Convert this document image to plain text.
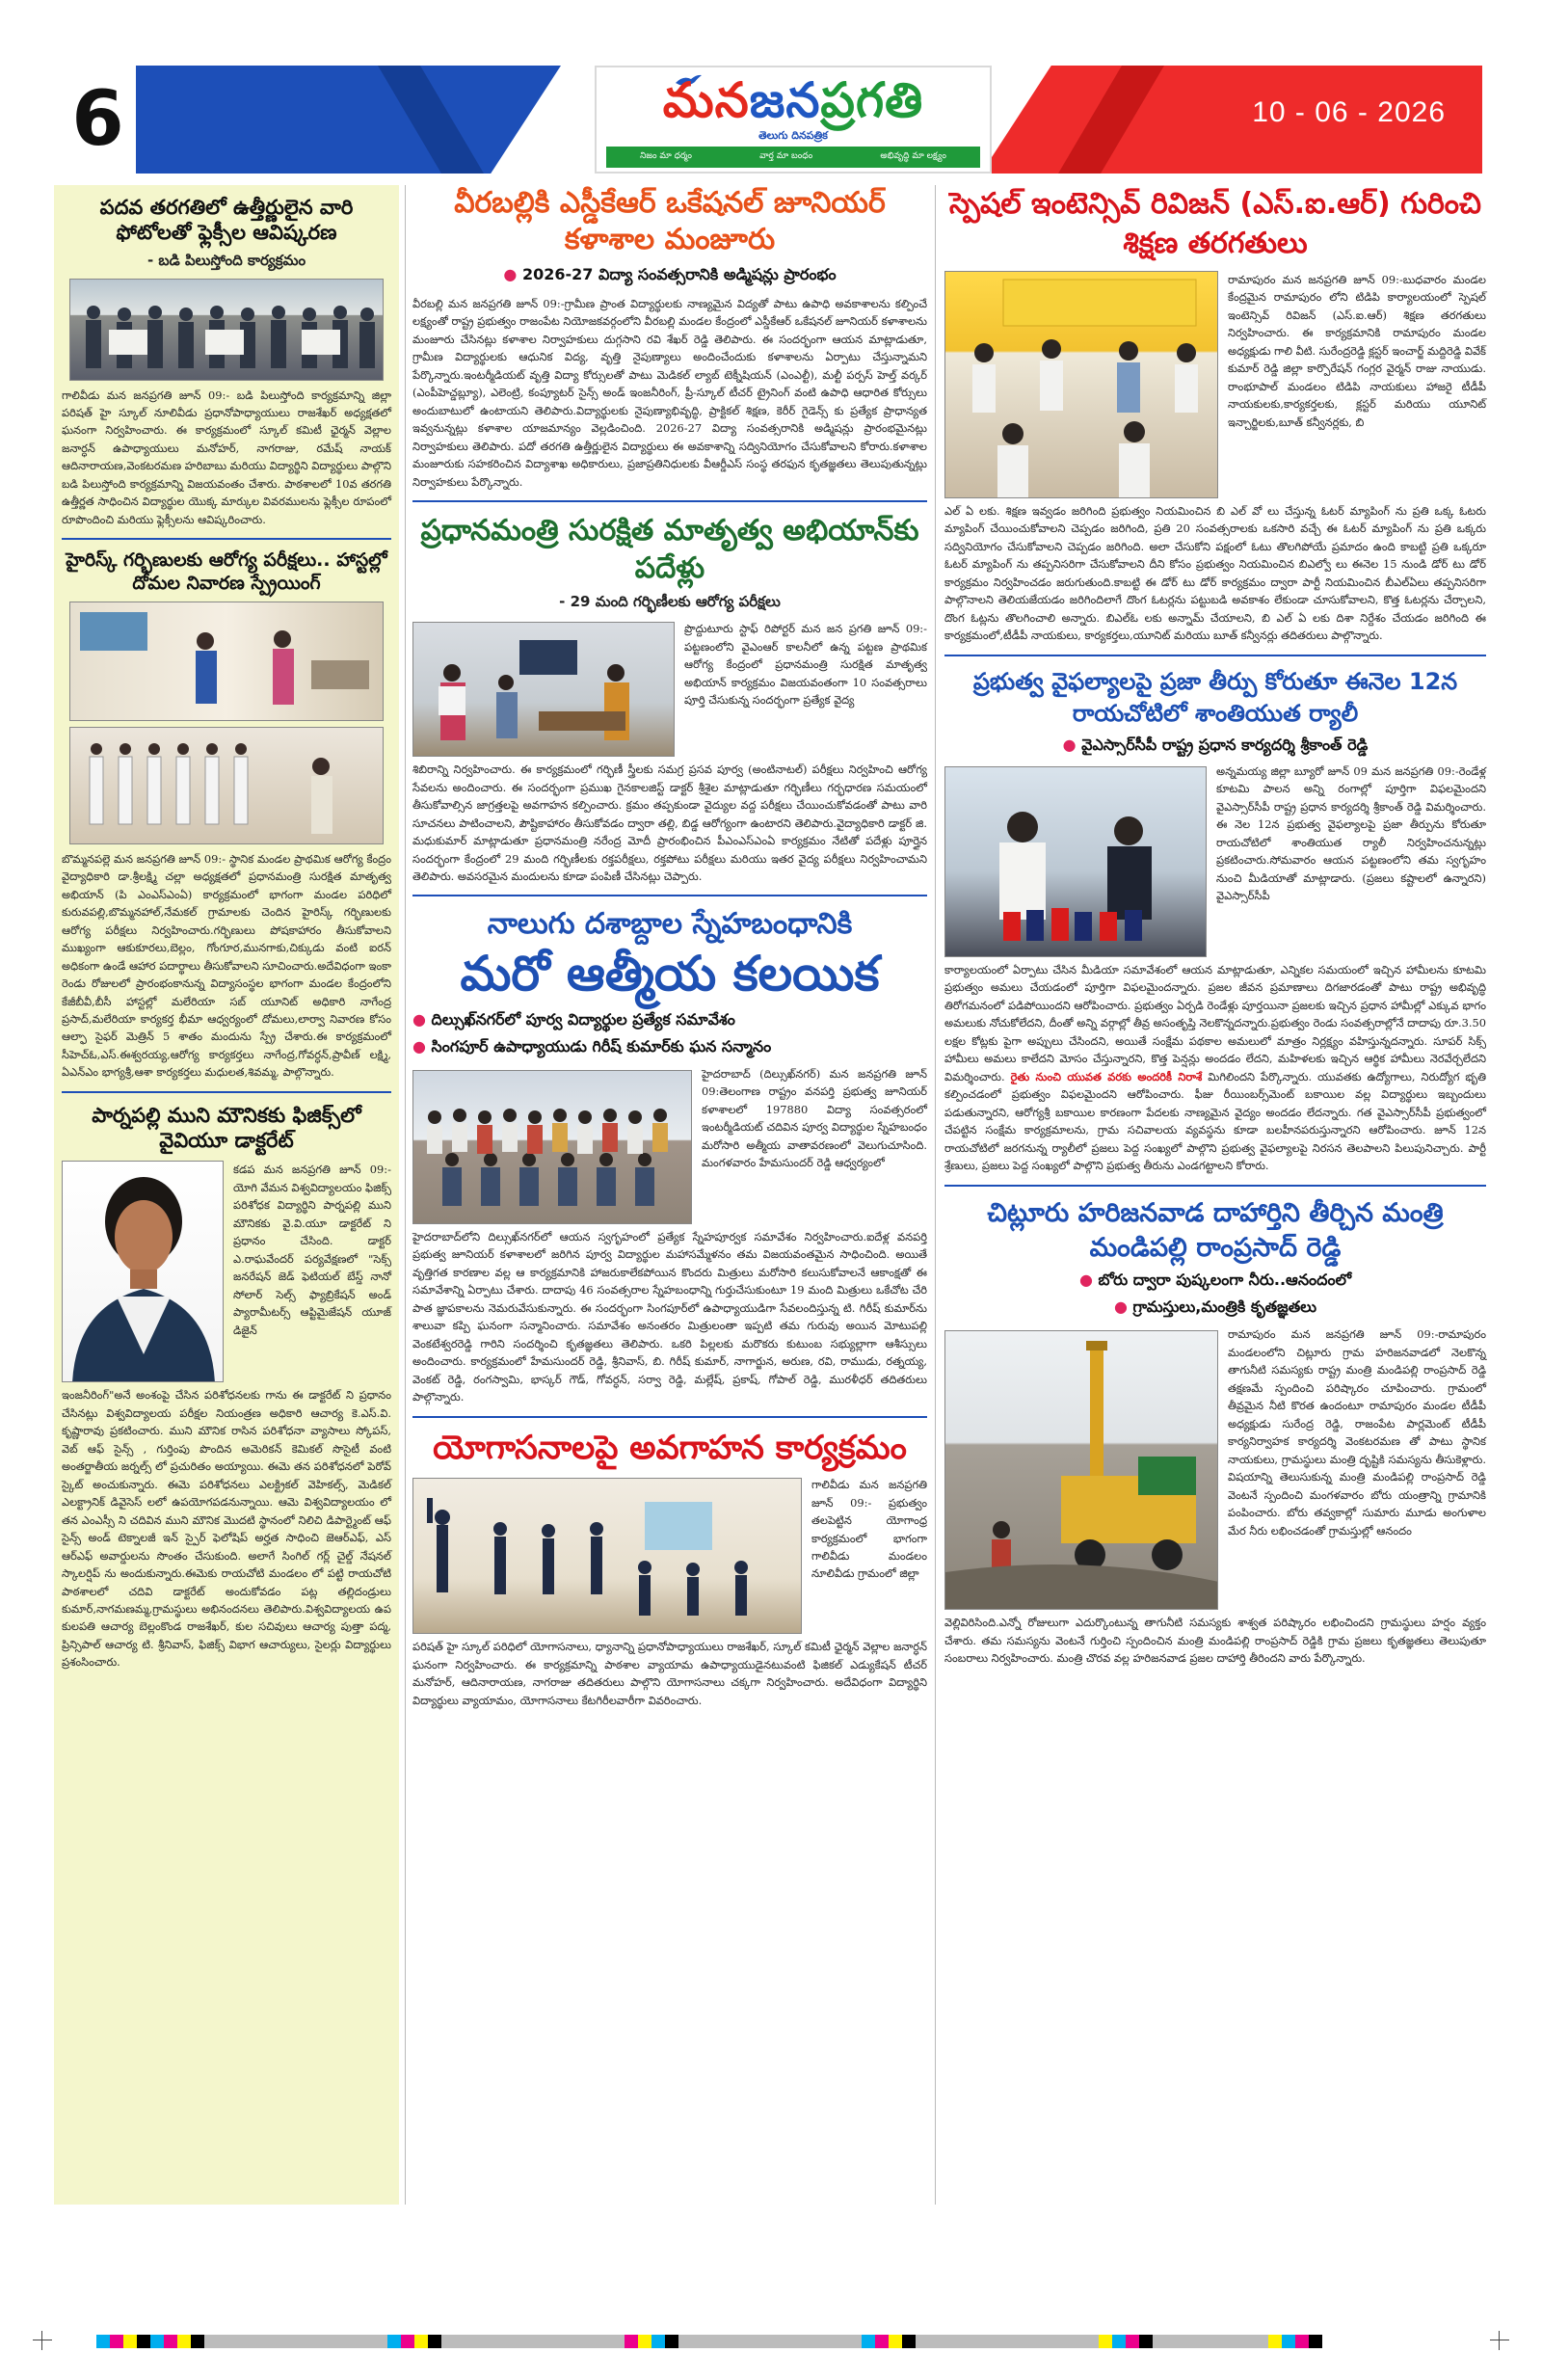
6	మనజనప్రగతి
తెలుగు దినపత్రిక
నిజం మా ధర్మం	వార్త మా బంధం	అభివృద్ధి మా లక్ష్యం
10 - 06 - 2026
పదవ తరగతిలో ఉత్తీర్ణులైన వారి ఫోటోలతో ఫ్లెక్సీల ఆవిష్కరణ
- బడి పిలుస్తోంది కార్యక్రమం
గాలివీడు మన జనప్రగతి జూన్ 09:- బడి పిలుస్తోంది కార్యక్రమాన్ని జిల్లా పరిషత్ హై స్కూల్ నూలివీడు ప్రధానోపాధ్యాయులు రాజశేఖర్ అధ్యక్షతలో ఘనంగా నిర్వహించారు. ఈ కార్యక్రమంలో స్కూల్ కమిటీ ఛైర్మన్ వెల్లాల జనార్ధన్ ఉపాధ్యాయులు మనోహర్, నాగరాజు, రమేష్ నాయక్ ఆదినారాయణ,వెంకటరమణ హరిబాబు మరియు విద్యార్థిని విద్యార్థులు పాల్గొని బడి పిలుస్తోంది కార్యక్రమాన్ని విజయవంతం చేశారు. పాఠశాలలో 10వ తరగతి ఉత్తీర్ణత సాధించిన విద్యార్థుల యొక్క మార్కుల వివరములను ఫ్లెక్సీల రూపంలో రూపొందించి మరియు ఫ్లెక్సీలను ఆవిష్కరించారు.
హైరిస్క్ గర్భిణులకు ఆరోగ్య పరీక్షలు.. హాస్టల్లో దోమల నివారణ స్ప్రేయింగ్
బొమ్మనపల్లె మన జనప్రగతి జూన్ 09:- స్థానిక మండల ప్రాథమిక ఆరోగ్య కేంద్రం వైద్యాధికారి డా.శ్రీలక్ష్మి చల్లా అధ్యక్షతలో ప్రధానమంత్రి సురక్షిత మాతృత్వ అభియాన్ (పి ఎంఎస్ఎంఏ) కార్యక్రమంలో భాగంగా మండల పరిధిలో కురువపల్లి,బొమ్మనహాల్,నేమకల్ గ్రామాలకు చెందిన హైరిస్క్ గర్భిణులకు ఆరోగ్య పరీక్షలు నిర్వహించారు.గర్భిణులు పోషకాహారం తీసుకోవాలని ముఖ్యంగా ఆకుకూరలు,బెల్లం, గోంగూర,మునగాకు,చిక్కుడు వంటి ఐరన్ అధికంగా ఉండే ఆహార పదార్థాలు తీసుకోవాలని సూచించారు.అదేవిధంగా ఇంకా రెండు రోజులలో ప్రారంభంకానున్న విద్యాసంస్థల భాగంగా మండల కేంద్రంలోని కేజీబీవీ,బీసీ హాస్టల్లో మలేరియా సబ్ యూనిట్ అధికారి నాగేంద్ర ప్రసాద్,మలేరియా కార్యకర్త భీమా ఆధ్వర్యంలో దోమలు,లార్వా నివారణ కోసం ఆల్ఫా సైఫర్ మెత్రిన్ 5 శాతం మందును స్ప్రే చేశారు.ఈ కార్యక్రమంలో సీహెచ్ఓ,ఎస్.ఈశ్వరయ్య,ఆరోగ్య కార్యకర్తలు నాగేంద్ర,గోవర్ధన్,ప్రావీణ్ లక్ష్మి, ఏఎన్ఎం భాగ్యశ్రీ,ఆశా కార్యకర్తలు మధులత,శివమ్మ, పాల్గొన్నారు.
పార్నపల్లి ముని మౌనికకు ఫిజిక్స్‌లో వైవియూ డాక్టరేట్
కడప మన జనప్రగతి జూన్ 09:-యోగి వేమన విశ్వవిద్యాలయం ఫిజిక్స్ పరిశోధక విద్యార్థిని పార్నపల్లి ముని మౌనికకు వై.వి.యూ డాక్టరేట్ ని ప్రధానం చేసింది. డాక్టర్ ఎ.రాఘవేందర్ పర్యవేక్షణలో "సెక్స్ జనరేషన్ జెడ్ ఫెటియల్ బేస్డ్ నానో సోలార్ సెల్స్ ఫ్యాబ్రికేషన్ అండ్ ప్యారామీటర్స్ ఆప్టిమైజేషన్ యూజ్ డిజైన్
ఇంజనీరింగ్"అనే అంశంపై చేసిన పరిశోధనలకు గాను ఈ డాక్టరేట్ ని ప్రధానం చేసినట్లు విశ్వవిద్యాలయ పరీక్షల నియంత్రణ అధికారి ఆచార్య కె.ఎస్.వి. కృష్ణారావు ప్రకటించారు. ముని మౌనిక రాసిన పరిశోధనా వ్యాసాలు స్కోపస్, వెబ్ ఆఫ్ సైన్స్ , గుర్తింపు పొందిన అమెరికన్ కెమికల్ సొసైటీ వంటి అంతర్జాతీయ జర్నల్స్ లో ప్రచురితం అయ్యాయి. ఈమె తన పరిశోధనలో పెరోవ్ స్కైట్ అంచుకున్నారు. ఈమె పరిశోధనలు ఎలక్ట్రికల్ వెహికల్స్, మెడికల్ ఎలక్ట్రానిక్ డివైసెస్ లలో ఉపయోగపడనున్నాయి. ఆమె విశ్వవిద్యాలయం లో తన ఎంఎస్సీ ని చదివిన ముని మౌనిక మొదటి స్థానంలో నిలిచి డిపార్ట్మెంట్ ఆఫ్ సైన్స్ అండ్ టెక్నాలజీ ఇన్ స్పైర్ ఫెలోషిప్ అర్హత సాధించి జెఆర్ఎఫ్, ఎస్ ఆర్ఎఫ్ అవార్డులను సొంతం చేసుకుంది. అలాగే సింగిల్ గర్ల్ చైల్డ్ నేషనల్ స్కాలర్షిప్ ను అందుకున్నారు.ఈమెకు రాయచోటి మండలం లో పట్టి రాయచోటి పాఠశాలలో చదివి డాక్టరేట్ అందుకోవడం పట్ల తల్లిదండ్రులు కుమార్,నాగమణమ్మ,గ్రామస్థులు అభినందనలు తెలిపారు.విశ్వవిద్యాలయ ఉప కులపతి ఆచార్య బెల్లంకొండ రాజశేఖర్, కుల సచివులు ఆచార్య పుత్తా పద్మ, ప్రిన్సిపాల్ ఆచార్య టి. శ్రీనివాస్, ఫిజిక్స్ విభాగ ఆచార్యులు, సైలర్లు విద్యార్థులు ప్రశంసించారు.
వీరబల్లికి ఎస్డీకేఆర్ ఒకేషనల్ జూనియర్ కళాశాల మంజూరు
● 2026-27 విద్యా సంవత్సరానికి అడ్మిషన్లు ప్రారంభం
వీరబల్లి మన జనప్రగతి జూన్ 09:-గ్రామీణ ప్రాంత విద్యార్థులకు నాణ్యమైన విద్యతో పాటు ఉపాధి అవకాశాలను కల్పించే లక్ష్యంతో రాష్ట్ర ప్రభుత్వం రాజంపేట నియోజకవర్గంలోని వీరబల్లి మండల కేంద్రంలో ఎస్డీకేఆర్ ఒకేషనల్ జూనియర్ కళాశాలను మంజూరు చేసినట్లు కళాశాల నిర్వాహకులు దుగ్గసాని రవి శేఖర్ రెడ్డి తెలిపారు. ఈ సందర్భంగా ఆయన మాట్లాడుతూ, గ్రామీణ విద్యార్థులకు ఆధునిక విద్య, వృత్తి నైపుణ్యాలు అందించేందుకు కళాశాలను ఏర్పాటు చేస్తున్నామని పేర్కొన్నారు.ఇంటర్మీడియట్ వృత్తి విద్యా కోర్సులతో పాటు మెడికల్ ల్యాబ్ టెక్నీషియన్ (ఎంఎల్టీ), మల్టీ పర్పస్ హెల్త్ వర్కర్ (ఎంపీహెచ్డబ్ల్యూ), ఎలెంట్రి, కంప్యూటర్ సైన్స్ అండ్ ఇంజనీరింగ్, ప్రీ-స్కూల్ టీచర్ ట్రైనింగ్ వంటి ఉపాధి ఆధారిత కోర్సులు అందుబాటులో ఉంటాయని తెలిపారు.విద్యార్థులకు నైపుణ్యాభివృద్ధి, ప్రాక్టికల్ శిక్షణ, కెరీర్ గైడెన్స్ కు ప్రత్యేక ప్రాధాన్యత ఇవ్వనున్నట్లు కళాశాల యాజమాన్యం వెల్లడించింది. 2026-27 విద్యా సంవత్సరానికి అడ్మిషన్లు ప్రారంభమైనట్లు నిర్వాహకులు తెలిపారు. పదో తరగతి ఉత్తీర్ణులైన విద్యార్థులు ఈ అవకాశాన్ని సద్వినియోగం చేసుకోవాలని కోరారు.కళాశాల మంజూరుకు సహకరించిన విద్యాశాఖ అధికారులు, ప్రజాప్రతినిధులకు వీఆర్డీఎస్ సంస్థ తరఫున కృతజ్ఞతలు తెలుపుతున్నట్లు నిర్వాహకులు పేర్కొన్నారు.
ప్రధానమంత్రి సురక్షిత మాతృత్వ అభియాన్‌కు పదేళ్లు
- 29 మంది గర్భిణీలకు ఆరోగ్య పరీక్షలు
ప్రొద్దుటూరు స్టాఫ్ రిపోర్టర్ మన జన ప్రగతి జూన్ 09:-పట్టణంలోని వైఎంఆర్ కాలనీలో ఉన్న పట్టణ ప్రాథమిక ఆరోగ్య కేంద్రంలో ప్రధానమంత్రి సురక్షిత మాతృత్వ అభియాన్ కార్యక్రమం విజయవంతంగా 10 సంవత్సరాలు పూర్తి చేసుకున్న సందర్భంగా ప్రత్యేక వైద్య
శిబిరాన్ని నిర్వహించారు. ఈ కార్యక్రమంలో గర్భిణీ స్త్రీలకు సమగ్ర ప్రసవ పూర్వ (అంటినాటల్) పరీక్షలు నిర్వహించి ఆరోగ్య సేవలను అందించారు. ఈ సందర్భంగా ప్రముఖ గైనకాలజిస్ట్ డాక్టర్ శ్రీశైల మాట్లాడుతూ గర్భిణీలు గర్భధారణ సమయంలో తీసుకోవాల్సిన జాగ్రత్తలపై అవగాహన కల్పించారు. క్రమం తప్పకుండా వైద్యుల వద్ద పరీక్షలు చేయించుకోవడంతో పాటు వారి సూచనలు పాటించాలని, పౌష్టికాహారం తీసుకోవడం ద్వారా తల్లి, బిడ్డ ఆరోగ్యంగా ఉంటారని తెలిపారు.వైద్యాధికారి డాక్టర్ జి. మధుకుమార్ మాట్లాడుతూ ప్రధానమంత్రి నరేంద్ర మోదీ ప్రారంభించిన పీఎంఎస్ఎంఏ కార్యక్రమం నేటితో పదేళ్లు పూర్తైన సందర్భంగా కేంద్రంలో 29 మంది గర్భిణీలకు రక్తపరీక్షలు, రక్తపోటు పరీక్షలు మరియు ఇతర వైద్య పరీక్షలు నిర్వహించామని తెలిపారు. అవసరమైన మందులను కూడా పంపిణీ చేసినట్లు చెప్పారు.
నాలుగు దశాబ్దాల స్నేహబంధానికి
మరో ఆత్మీయ కలయిక
● దిల్సుఖ్‌నగర్‌లో పూర్వ విద్యార్థుల ప్రత్యేక సమావేశం
● సింగపూర్ ఉపాధ్యాయుడు గిరీష్ కుమార్‌కు ఘన సన్మానం
హైదరాబాద్ (దిల్సుఖ్‌నగర్) మన జనప్రగతి జూన్ 09:తెలంగాణ రాష్ట్రం వనపర్తి ప్రభుత్వ జూనియర్ కళాశాలలో 197880 విద్యా సంవత్సరంలో ఇంటర్మీడియట్ చదివిన పూర్వ విద్యార్థుల స్నేహబంధం మరోసారి అత్మీయ వాతావరణంలో వెలుగుచూసింది. మంగళవారం హేమసుందర్ రెడ్డి ఆధ్వర్యంలో
హైదరాబాద్‌లోని దిల్సుఖ్‌నగర్‌లో ఆయన స్వగృహంలో ప్రత్యేక స్నేహపూర్వక సమావేశం నిర్వహించారు.ఐదేళ్ల వనపర్తి ప్రభుత్వ జూనియర్ కళాశాలలో జరిగిన పూర్వ విద్యార్థుల మహాసమ్మేళనం తమ విజయవంతమైన సాధించింది. అయితే వృత్తిగత కారణాల వల్ల ఆ కార్యక్రమానికి హాజరుకాలేకపోయిన కొందరు మిత్రులు మరోసారి కలుసుకోవాలనే ఆకాంక్షతో ఈ సమావేశాన్ని ఏర్పాటు చేశారు. దాదాపు 46 సంవత్సరాల స్నేహబంధాన్ని గుర్తుచేసుకుంటూ 19 మంది మిత్రులు ఒకేచోట చేరి పాత జ్ఞాపకాలను నెమరువేసుకున్నారు. ఈ సందర్భంగా సింగపూర్‌లో ఉపాధ్యాయుడిగా సేవలందిస్తున్న టి. గిరీష్ కుమార్‌ను శాలువా కప్పి ఘనంగా సన్మానించారు. సమావేశం అనంతరం మిత్రులంతా ఇప్పటి తమ గురువు అయిన మోటుపల్లి వెంకటేశ్వరరెడ్డి గారిని సందర్శించి కృతజ్ఞతలు తెలిపారు. ఒకరి పిల్లలకు మరొకరు కుటుంబ సభ్యుల్లాగా ఆశీస్సులు అందించారు. కార్యక్రమంలో హేమసుందర్ రెడ్డి, శ్రీనివాస్, బి. గిరీష్ కుమార్, నాగార్జున, అరుణ, రవి, రాముడు, రత్నయ్య, వెంకట్ రెడ్డి, రంగస్వామి, భాస్కర్ గౌడ్, గోవర్ధన్, సర్వా రెడ్డి, మల్లేష్, ప్రకాష్, గోపాల్ రెడ్డి, మురళీధర్ తదితరులు పాల్గొన్నారు.
యోగాసనాలపై అవగాహన కార్యక్రమం
గాలివీడు మన జనప్రగతి జూన్ 09:- ప్రభుత్వం తలపెట్టిన యోగాంధ్ర కార్యక్రమంలో భాగంగా గాలివీడు మండలం నూలివీడు గ్రామంలో జిల్లా
పరిషత్ హై స్కూల్ పరిధిలో యోగాసనాలు, ధ్యానాన్ని ప్రధానోపాధ్యాయులు రాజశేఖర్, స్కూల్ కమిటీ ఛైర్మన్ వెల్లాల జనార్ధన్ ఘనంగా నిర్వహించారు. ఈ కార్యక్రమాన్ని పాఠశాల వ్యాయామ ఉపాధ్యాయుడైనటువంటి ఫిజికల్ ఎడ్యుకేషన్ టీచర్ మనోహర్, ఆదినారాయణ, నాగరాజు తదితరులు పాల్గొని యోగాసనాలు చక్కగా నిర్వహించారు. అదేవిధంగా విద్యార్థిని విద్యార్థులు వ్యాయామం, యోగాసనాలు కేటగిరీలవారీగా వివరించారు.
స్పెషల్ ఇంటెన్సివ్ రివిజన్ (ఎస్.ఐ.ఆర్) గురించి శిక్షణ తరగతులు
రామాపురం మన జనప్రగతి జూన్ 09:-బుధవారం మండల కేంద్రమైన రామాపురం లోని టిడిపి కార్యాలయంలో స్పెషల్ ఇంటెన్సివ్ రివిజన్ (ఎస్.ఐ.ఆర్) శిక్షణ తరగతులు నిర్వహించారు. ఈ కార్యక్రమానికి రామాపురం మండల అధ్యక్షుడు గాలి వీటి. సురేంద్రరెడ్డి క్లస్టర్ ఇంచార్జ్ మద్దిరెడ్డి వివేక్ కుమార్ రెడ్డి జిల్లా కార్పొరేషన్ గంగ్లర వైర్మన్ రాజు నాయుడు. రాంభూపాల్ మండలం టిడిపి నాయకులు హాజరై టీడీపీ నాయకులకు,కార్యకర్తలకు, క్లస్టర్ మరియు యూనిట్ ఇన్చార్జిలకు,బూత్ కన్వీనర్లకు, బి
ఎల్ ఏ లకు. శిక్షణ ఇవ్వడం జరిగింది ప్రభుత్వం నియమించిన బి ఎల్ వో లు చేస్తున్న ఓటర్ మ్యాపింగ్ ను ప్రతి ఒక్క ఓటరు మ్యాపింగ్ చేయించుకోవాలని చెప్పడం జరిగింది, ప్రతి 20 సంవత్సరాలకు ఒకసారి వచ్చే ఈ ఓటర్ మ్యాపింగ్ ను ప్రతి ఒక్కరు సద్వినియోగం చేసుకోవాలని చెప్పడం జరిగింది. అలా చేసుకోని పక్షంలో ఓటు తొలగిపోయే ప్రమాదం ఉంది కాబట్టి ప్రతి ఒక్కరూ ఓటర్ మ్యాపింగ్ ను తప్పనిసరిగా చేసుకోవాలని దీని కోసం ప్రభుత్వం నియమించిన బిఎల్వో లు ఈనెల 15 నుండి డోర్ టు డోర్ కార్యక్రమం నిర్వహించడం జరుగుతుంది.కాబట్టి ఈ డోర్ టు డోర్ కార్యక్రమం ద్వారా పార్టీ నియమించిన బీఎల్ఏలు తప్పనిసరిగా పాల్గొనాలని తెలియజేయడం జరిగిందిలాగే దొంగ ఓటర్లను పట్టుబడి అవకాశం లేకుండా చూసుకోవాలని, కొత్త ఓటర్లను చేర్చాలని, దొంగ ఓట్లను తొలగించాలి అన్నారు. బిఎల్ఓ లకు అన్నామ్ చేయాలని, బి ఎల్ ఏ లకు దిశా నిర్దేశం చేయడం జరిగింది ఈ కార్యక్రమంలో,టీడీపీ నాయకులు, కార్యకర్తలు,యూనిట్ మరియు బూత్ కన్వీనర్లు తదితరులు పాల్గొన్నారు.
ప్రభుత్వ వైఫల్యాలపై ప్రజా తీర్పు కోరుతూ ఈనెల 12న రాయచోటిలో శాంతియుత ర్యాలీ
● వైఎస్సార్‌సీపీ రాష్ట్ర ప్రధాన కార్యదర్శి శ్రీకాంత్ రెడ్డి
అన్నమయ్య జిల్లా బ్యూరో జూన్ 09 మన జనప్రగతి 09:-రెండేళ్ల కూటమి పాలన అన్ని రంగాల్లో పూర్తిగా విఫలమైందని వైఎస్సార్‌సీపీ రాష్ట్ర ప్రధాన కార్యదర్శి శ్రీకాంత్ రెడ్డి విమర్శించారు. ఈ నెల 12న ప్రభుత్వ వైఫల్యాలపై ప్రజా తీర్పును కోరుతూ రాయచోటిలో శాంతియుత ర్యాలీ నిర్వహించనున్నట్లు ప్రకటించారు.సోమవారం ఆయన పట్టణంలోని తమ స్వగృహం నుంచి మీడియాతో మాట్లాడారు. (ప్రజలు కష్టాలలో ఉన్నారని) వైఎస్సార్‌సీపీ
కార్యాలయంలో ఏర్పాటు చేసిన మీడియా సమావేశంలో ఆయన మాట్లాడుతూ, ఎన్నికల సమయంలో ఇచ్చిన హామీలను కూటమి ప్రభుత్వం అమలు చేయడంలో పూర్తిగా విఫలమైందన్నారు. ప్రజల జీవన ప్రమాణాలు దిగజారడంతో పాటు రాష్ట్ర అభివృద్ధి తిరోగమనంలో పడిపోయిందని ఆరోపించారు. ప్రభుత్వం ఏర్పడి రెండేళ్లు పూర్తయినా ప్రజలకు ఇచ్చిన ప్రధాన హామీల్లో ఎక్కువ భాగం అమలుకు నోచుకోలేదని, దీంతో అన్ని వర్గాల్లో తీవ్ర అసంతృప్తి నెలకొన్నదన్నారు.ప్రభుత్వం రెండు సంవత్సరాల్లోనే దాదాపు రూ.3.50 లక్షల కోట్లకు పైగా అప్పులు చేసిందని, అయితే సంక్షేమ పథకాల అమలులో మాత్రం నిర్లక్ష్యం వహిస్తున్నదన్నారు. సూపర్ సిక్స్ హామీలు అమలు కాలేదని మోసం చేస్తున్నారని, కొత్త పెన్షన్లు అందడం లేదని, మహిళలకు ఇచ్చిన ఆర్థిక హామీలు నెరవేర్చలేదని విమర్శించారు. రైతు నుంచి యువత వరకు అందరికీ నిరాశే మిగిలిందని పేర్కొన్నారు. యువతకు ఉద్యోగాలు, నిరుద్యోగ భృతి కల్పించడంలో ప్రభుత్వం విఫలమైందని ఆరోపించారు. ఫీజు రీయింబర్స్‌మెంట్ బకాయిల వల్ల విద్యార్థులు ఇబ్బందులు పడుతున్నారని, ఆరోగ్యశ్రీ బకాయిల కారణంగా పేదలకు నాణ్యమైన వైద్యం అందడం లేదన్నారు. గత వైఎస్సార్‌సీపీ ప్రభుత్వంలో చేపట్టిన సంక్షేమ కార్యక్రమాలను, గ్రామ సచివాలయ వ్యవస్థను కూడా బలహీనపరుస్తున్నారని ఆరోపించారు. జూన్ 12న రాయచోటిలో జరగనున్న ర్యాలీలో ప్రజలు పెద్ద సంఖ్యలో పాల్గొని ప్రభుత్వ వైఫల్యాలపై నిరసన తెలపాలని పిలుపునిచ్చారు. పార్టీ శ్రేణులు, ప్రజలు పెద్ద సంఖ్యలో పాల్గొని ప్రభుత్వ తీరును ఎండగట్టాలని కోరారు.
చిట్లూరు హరిజనవాడ దాహార్తిని తీర్చిన మంత్రి మండిపల్లి రాంప్రసాద్ రెడ్డి
● బోరు ద్వారా పుష్కలంగా నీరు..ఆనందంలో
● గ్రామస్తులు,మంత్రికి కృతజ్ఞతలు
రామాపురం మన జనప్రగతి జూన్ 09:-రామాపురం మండలంలోని చిట్లూరు గ్రామ హరిజనవాడలో నెలకొన్న తాగునీటి సమస్యకు రాష్ట్ర మంత్రి మండిపల్లి రాంప్రసాద్ రెడ్డి తక్షణమే స్పందించి పరిష్కారం చూపించారు. గ్రామంలో తీవ్రమైన నీటి కొరత ఉందంటూ రామాపురం మండల టీడీపీ అధ్యక్షుడు సురేంద్ర రెడ్డి, రాజంపేట పార్లమెంట్ టీడీపీ కార్యనిర్వాహక కార్యదర్శి వెంకటరమణ తో పాటు స్థానిక నాయకులు, గ్రామస్థులు మంత్రి దృష్టికి సమస్యను తీసుకెళ్లారు. విషయాన్ని తెలుసుకున్న మంత్రి మండిపల్లి రాంప్రసాద్ రెడ్డి వెంటనే స్పందించి మంగళవారం బోరు యంత్రాన్ని గ్రామానికి పంపించారు. బోరు తవ్వకాల్లో సుమారు మూడు అంగుళాల మేర నీరు లభించడంతో గ్రామస్తుల్లో ఆనందం
వెల్లివిరిసింది.ఎన్నో రోజులుగా ఎదుర్కొంటున్న తాగునీటి సమస్యకు శాశ్వత పరిష్కారం లభించిందని గ్రామస్థులు హర్షం వ్యక్తం చేశారు. తమ సమస్యను వెంటనే గుర్తించి స్పందించిన మంత్రి మండిపల్లి రాంప్రసాద్ రెడ్డికి గ్రామ ప్రజలు కృతజ్ఞతలు తెలుపుతూ సంబరాలు నిర్వహించారు. మంత్రి చొరవ వల్ల హరిజనవాడ ప్రజల దాహార్తి తీరిందని వారు పేర్కొన్నారు.
